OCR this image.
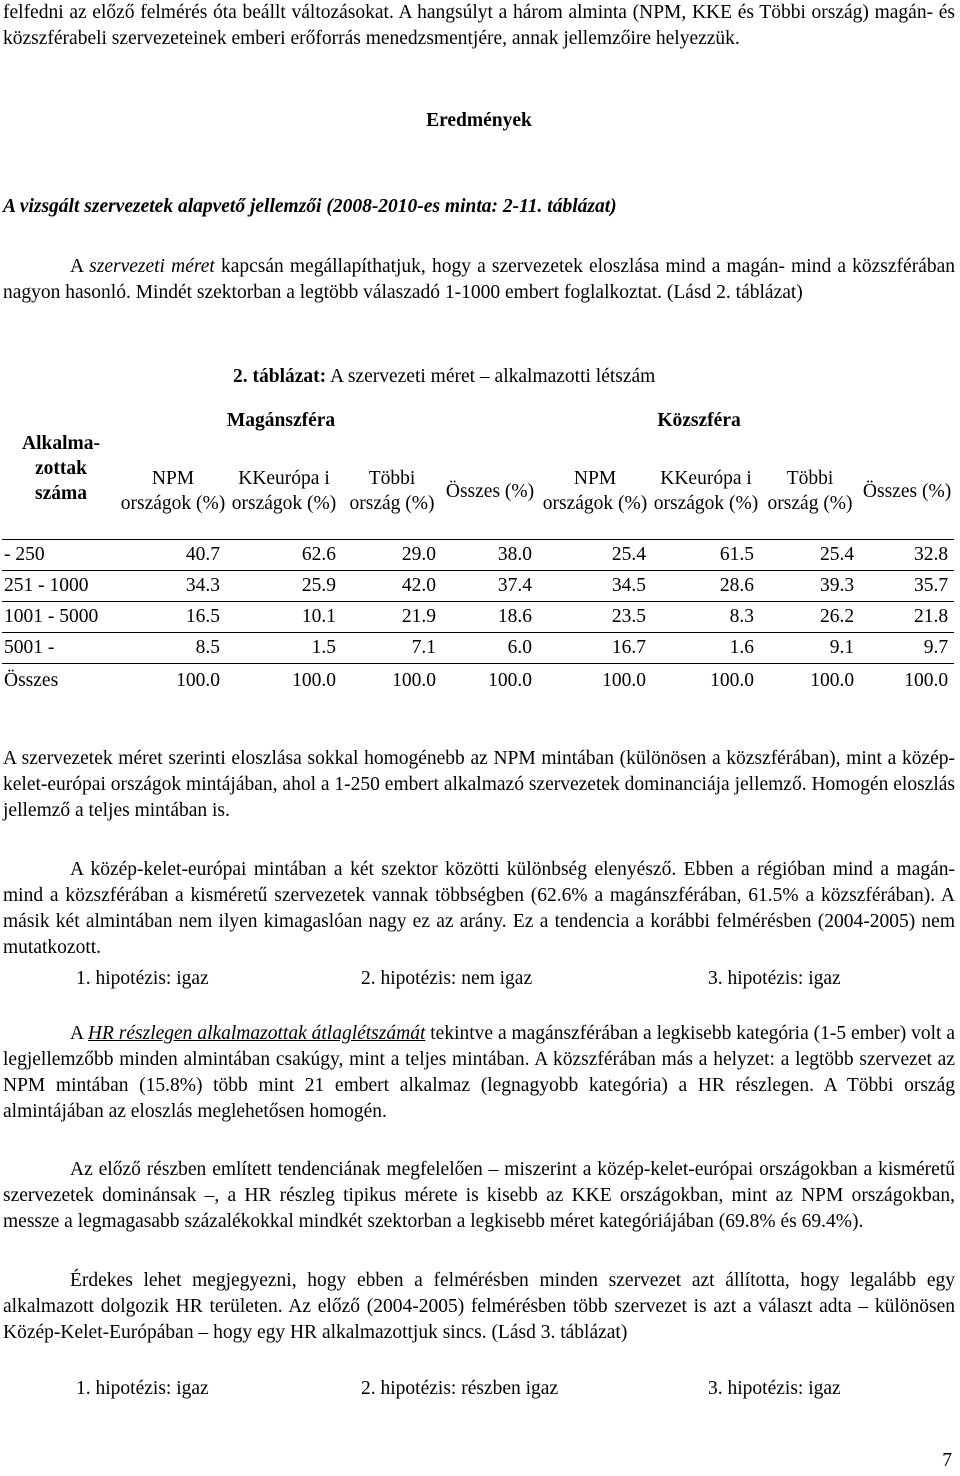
felfedni az előző felmérés óta beállt változásokat. A hangsúlyt a három alminta (NPM, KKE és Többi ország) magán- és közszférabeli szervezeteinek emberi erőforrás menedzsmentjére, annak jellemzőire helyezzük.

Eredmények

A vizsgált szervezetek alapvető jellemzői (2008-2010-es minta: 2-11. táblázat)

A szervezeti méret kapcsán megállapíthatjuk, hogy a szervezetek eloszlása mind a magán- mind a közszférában nagyon hasonló. Mindét szektorban a legtöbb válaszadó 1-1000 embert foglalkoztat. (Lásd 2. táblázat)

2. táblázat: A szervezeti méret – alkalmazotti létszám

Alkalma-zottak száma	Magánszféra				Közszféra			
	NPM országok (%)	KKeurópa i országok (%)	Többi ország (%)	Összes (%)	NPM országok (%)	KKeurópa i országok (%)	Többi ország (%)	Összes (%)
- 250	40.7	62.6	29.0	38.0	25.4	61.5	25.4	32.8
251 - 1000	34.3	25.9	42.0	37.4	34.5	28.6	39.3	35.7
1001 - 5000	16.5	10.1	21.9	18.6	23.5	8.3	26.2	21.8
5001 -	8.5	1.5	7.1	6.0	16.7	1.6	9.1	9.7
Összes	100.0	100.0	100.0	100.0	100.0	100.0	100.0	100.0

A szervezetek méret szerinti eloszlása sokkal homogénebb az NPM mintában (különösen a közszférában), mint a közép-kelet-európai országok mintájában, ahol a 1-250 embert alkalmazó szervezetek dominanciája jellemző. Homogén eloszlás jellemző a teljes mintában is.

A közép-kelet-európai mintában a két szektor közötti különbség elenyésző. Ebben a régióban mind a magán- mind a közszférában a kisméretű szervezetek vannak többségben (62.6% a magánszférában, 61.5% a közszférában). A másik két almintában nem ilyen kimagaslóan nagy ez az arány. Ez a tendencia a korábbi felmérésben (2004-2005) nem mutatkozott.

1. hipotézis: igaz	2. hipotézis: nem igaz	3. hipotézis: igaz

A HR részlegen alkalmazottak átlaglétszámát tekintve a magánszférában a legkisebb kategória (1-5 ember) volt a legjellemzőbb minden almintában csakúgy, mint a teljes mintában. A közszférában más a helyzet: a legtöbb szervezet az NPM mintában (15.8%) több mint 21 embert alkalmaz (legnagyobb kategória) a HR részlegen. A Többi ország almintájában az eloszlás meglehetősen homogén.

Az előző részben említett tendenciának megfelelően – miszerint a közép-kelet-európai országokban a kisméretű szervezetek dominánsak –, a HR részleg tipikus mérete is kisebb az KKE országokban, mint az NPM országokban, messze a legmagasabb százalékokkal mindkét szektorban a legkisebb méret kategóriájában (69.8% és 69.4%).

Érdekes lehet megjegyezni, hogy ebben a felmérésben minden szervezet azt állította, hogy legalább egy alkalmazott dolgozik HR területen. Az előző (2004-2005) felmérésben több szervezet is azt a választ adta – különösen Közép-Kelet-Európában – hogy egy HR alkalmazottjuk sincs. (Lásd 3. táblázat)

1. hipotézis: igaz	2. hipotézis: részben igaz	3. hipotézis: igaz
7
